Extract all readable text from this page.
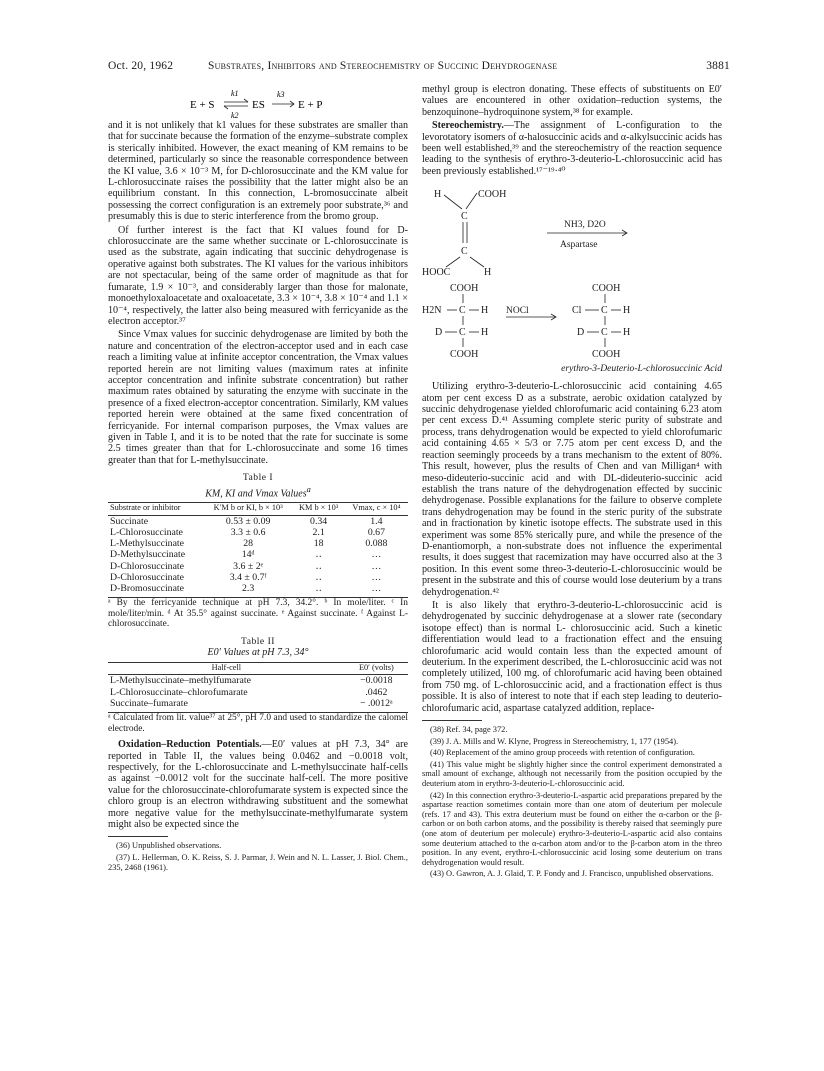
Oct. 20, 1962	Substrates, Inhibitors and Stereochemistry of Succinic Dehydrogenase	3881
E + S
k1
k2
ES
k3
E + P

and it is not unlikely that k1 values for these substrates are smaller than that for succinate because the formation of the enzyme–substrate complex is sterically inhibited. However, the exact meaning of KM remains to be determined, particularly so since the reasonable correspondence between the KI value, 3.6 × 10⁻³ M, for D-chlorosuccinate and the KM value for L-chlorosuccinate raises the possibility that the latter might also be an equilibrium constant. In this connection, L-bromosuccinate albeit possessing the correct configuration is an extremely poor substrate,³⁶ and presumably this is due to steric interference from the bromo group.

Of further interest is the fact that KI values found for D-chlorosuccinate are the same whether succinate or L-chlorosuccinate is used as the substrate, again indicating that succinic dehydrogenase is operative against both substrates. The KI values for the various inhibitors are not spectacular, being of the same order of magnitude as that for fumarate, 1.9 × 10⁻³, and considerably larger than those for malonate, monoethyloxaloacetate and oxaloacetate, 3.3 × 10⁻⁴, 3.8 × 10⁻⁴ and 1.1 × 10⁻⁴, respectively, the latter also being measured with ferricyanide as the electron acceptor.³⁷

Since Vmax values for succinic dehydrogenase are limited by both the nature and concentration of the electron-acceptor used and in each case reach a limiting value at infinite acceptor concentration, the Vmax values reported herein are not limiting values (maximum rates at infinite acceptor concentration and infinite substrate concentration) but rather maximum rates obtained by saturating the enzyme with succinate in the presence of a fixed electron-acceptor concentration. Similarly, KM values reported herein were obtained at the same fixed concentration of ferricyanide. For internal comparison purposes, the Vmax values are given in Table I, and it is to be noted that the rate for succinate is some 2.5 times greater than that for L-chlorosuccinate and some 16 times greater than that for L-methylsuccinate.

Table I
KM, KI and Vmax Values$^a$
Substrate or inhibitor	K′M b or KI, b × 10³	KM b × 10³	Vmax, c × 10⁴
Succinate	0.53 ± 0.09	0.34	1.4
L-Chlorosuccinate	3.3 ± 0.6	2.1	0.67
L-Methylsuccinate	28	18	0.088
D-Methylsuccinate	14ᵈ	‥	…
D-Chlorosuccinate	3.6 ± 2ᵉ	‥	…
D-Chlorosuccinate	3.4 ± 0.7ᶠ	‥	…
D-Bromosuccinate	2.3	‥	…
ᵃ By the ferricyanide technique at pH 7.3, 34.2°. ᵇ In mole/liter. ᶜ In mole/liter/min. ᵈ At 35.5° against succinate. ᵉ Against succinate. ᶠ Against L-chlorosuccinate.
Table II
E0′ Values at pH 7.3, 34°
Half-cell	E0′ (volts)
L-Methylsuccinate–methylfumarate	−0.0018
L-Chlorosuccinate–chlorofumarate	.0462
Succinate–fumarate	− .0012ᵃ
ᵃ Calculated from lit. value³⁷ at 25°, pH 7.0 and used to standardize the calomel electrode.

Oxidation–Reduction Potentials.—E0′ values at pH 7.3, 34° are reported in Table II, the values being 0.0462 and −0.0018 volt, respectively, for the L-chlorosuccinate and L-methylsuccinate half-cells as against −0.0012 volt for the succinate half-cell. The more positive value for the chlorosuccinate-chlorofumarate system is expected since the chloro group is an electron withdrawing substituent and the somewhat more negative value for the methylsuccinate-methylfumarate system might also be expected since the

(36) Unpublished observations.

(37) L. Hellerman, O. K. Reiss, S. J. Parmar, J. Wein and N. L. Lasser, J. Biol. Chem., 235, 2468 (1961).

methyl group is electron donating. These effects of substituents on E0′ values are encountered in other oxidation–reduction systems, the benzoquinone–hydroquinone system,³⁸ for example.

Stereochemistry.—The assignment of L-configuration to the levorotatory isomers of α-halosuccinic acids and α-alkylsuccinic acids has been well established,³⁹ and the stereochemistry of the reaction sequence leading to the synthesis of erythro-3-deuterio-L-chlorosuccinic acid has been previously established.¹⁷⁻¹⁹·⁴⁰

H	COOH
C
C
HOOC	H
NH3, D2O
Aspartase
COOH
H2N C H
D C H
COOH
NOCl
COOH
Cl C H
D C H
COOH
erythro-3-Deuterio-L-chlorosuccinic Acid

Utilizing erythro-3-deuterio-L-chlorosuccinic acid containing 4.65 atom per cent excess D as a substrate, aerobic oxidation catalyzed by succinic dehydrogenase yielded chlorofumaric acid containing 6.23 atom per cent excess D.⁴¹ Assuming complete steric purity of substrate and process, trans dehydrogenation would be expected to yield chlorofumaric acid containing 4.65 × 5/3 or 7.75 atom per cent excess D, and the reaction seemingly proceeds by a trans mechanism to the extent of 80%. This result, however, plus the results of Chen and van Milligan⁴ with meso-dideuterio-succinic acid and with DL-dideuterio-succinic acid establish the trans nature of the dehydrogenation effected by succinic dehydrogenase. Possible explanations for the failure to observe complete trans dehydrogenation may be found in the steric purity of the substrate and in fractionation by kinetic isotope effects. The substrate used in this experiment was some 85% sterically pure, and while the presence of the D-enantiomorph, a non-substrate does not influence the experimental results, it does suggest that racemization may have occurred also at the 3 position. In this event some threo-3-deuterio-L-chlorosuccinic would be present in the substrate and this of course would lose deuterium by a trans dehydrogenation.⁴²

It is also likely that erythro-3-deuterio-L-chlorosuccinic acid is dehydrogenated by succinic dehydrogenase at a slower rate (secondary isotope effect) than is normal L- chlorosuccinic acid. Such a kinetic differentiation would lead to a fractionation effect and the ensuing chlorofumaric acid would contain less than the expected amount of deuterium. In the experiment described, the L-chlorosuccinic acid was not completely utilized, 100 mg. of chlorofumaric acid having been obtained from 750 mg. of L-chlorosuccinic acid, and a fractionation effect is thus possible. It is also of interest to note that if each step leading to deuterio-chlorofumaric acid, aspartase catalyzed addition, replace-

(38) Ref. 34, page 372.

(39) J. A. Mills and W. Klyne, Progress in Stereochemistry, 1, 177 (1954).

(40) Replacement of the amino group proceeds with retention of configuration.

(41) This value might be slightly higher since the control experiment demonstrated a small amount of exchange, although not necessarily from the position occupied by the deuterium atom in erythro-3-deuterio-L-chlorosuccinic acid.

(42) In this connection erythro-3-deuterio-L-aspartic acid preparations prepared by the aspartase reaction sometimes contain more than one atom of deuterium per molecule (refs. 17 and 43). This extra deuterium must be found on either the α-carbon or the β-carbon or on both carbon atoms, and the possibility is thereby raised that seemingly pure (one atom of deuterium per molecule) erythro-3-deuterio-L-aspartic acid also contains some deuterium attached to the α-carbon atom and/or to the β-carbon atom in the threo position. In any event, erythro-L-chlorosuccinic acid losing some deuterium on trans dehydrogenation would result.

(43) O. Gawron, A. J. Glaid, T. P. Fondy and J. Francisco, unpublished observations.
